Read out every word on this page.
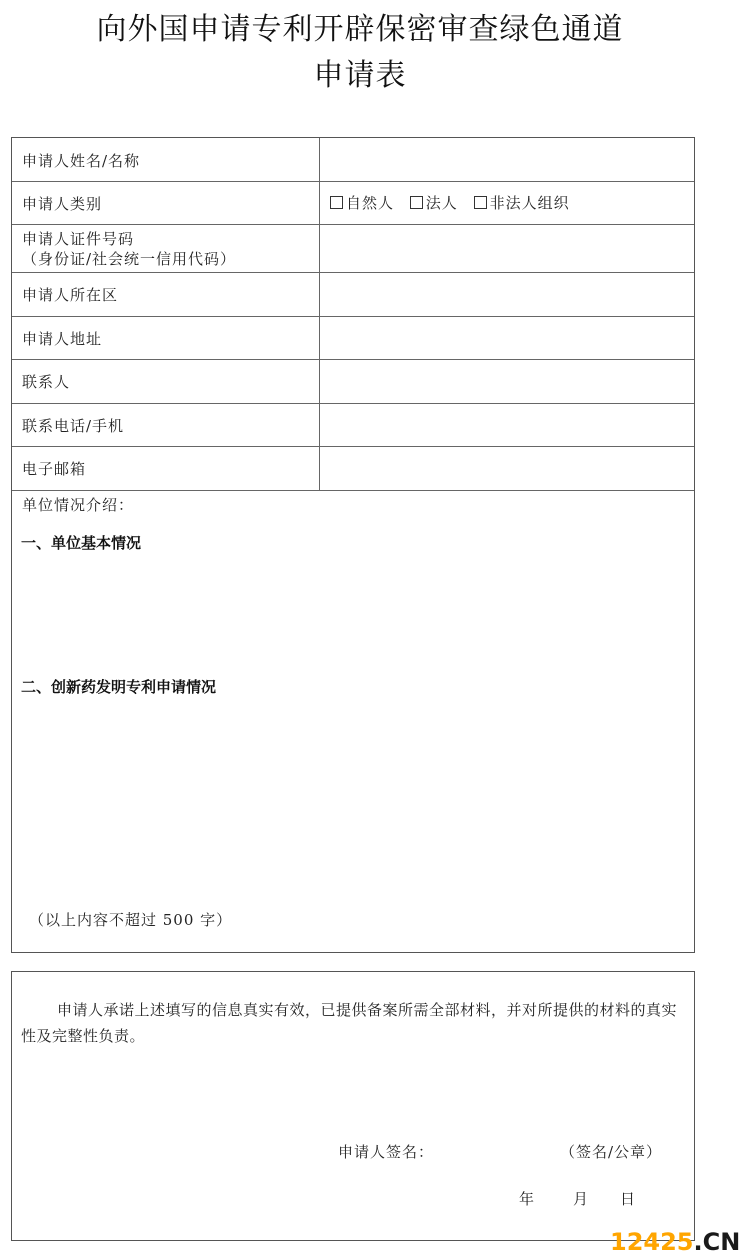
向外国申请专利开辟保密审查绿色通道
申请表
申请人姓名/名称
申请人类别
申请人证件号码
（身份证/社会统一信用代码）
申请人所在区
申请人地址
联系人
联系电话/手机
电子邮箱
自然人 法人 非法人组织
单位情况介绍：
一、单位基本情况
二、创新药发明专利申请情况
（以上内容不超过 500 字）
申请人承诺上述填写的信息真实有效，已提供备案所需全部材料，并对所提供的材料的真实性及完整性负责。
申请人签名：	（签名/公章）
年	月 日
12425.CN
